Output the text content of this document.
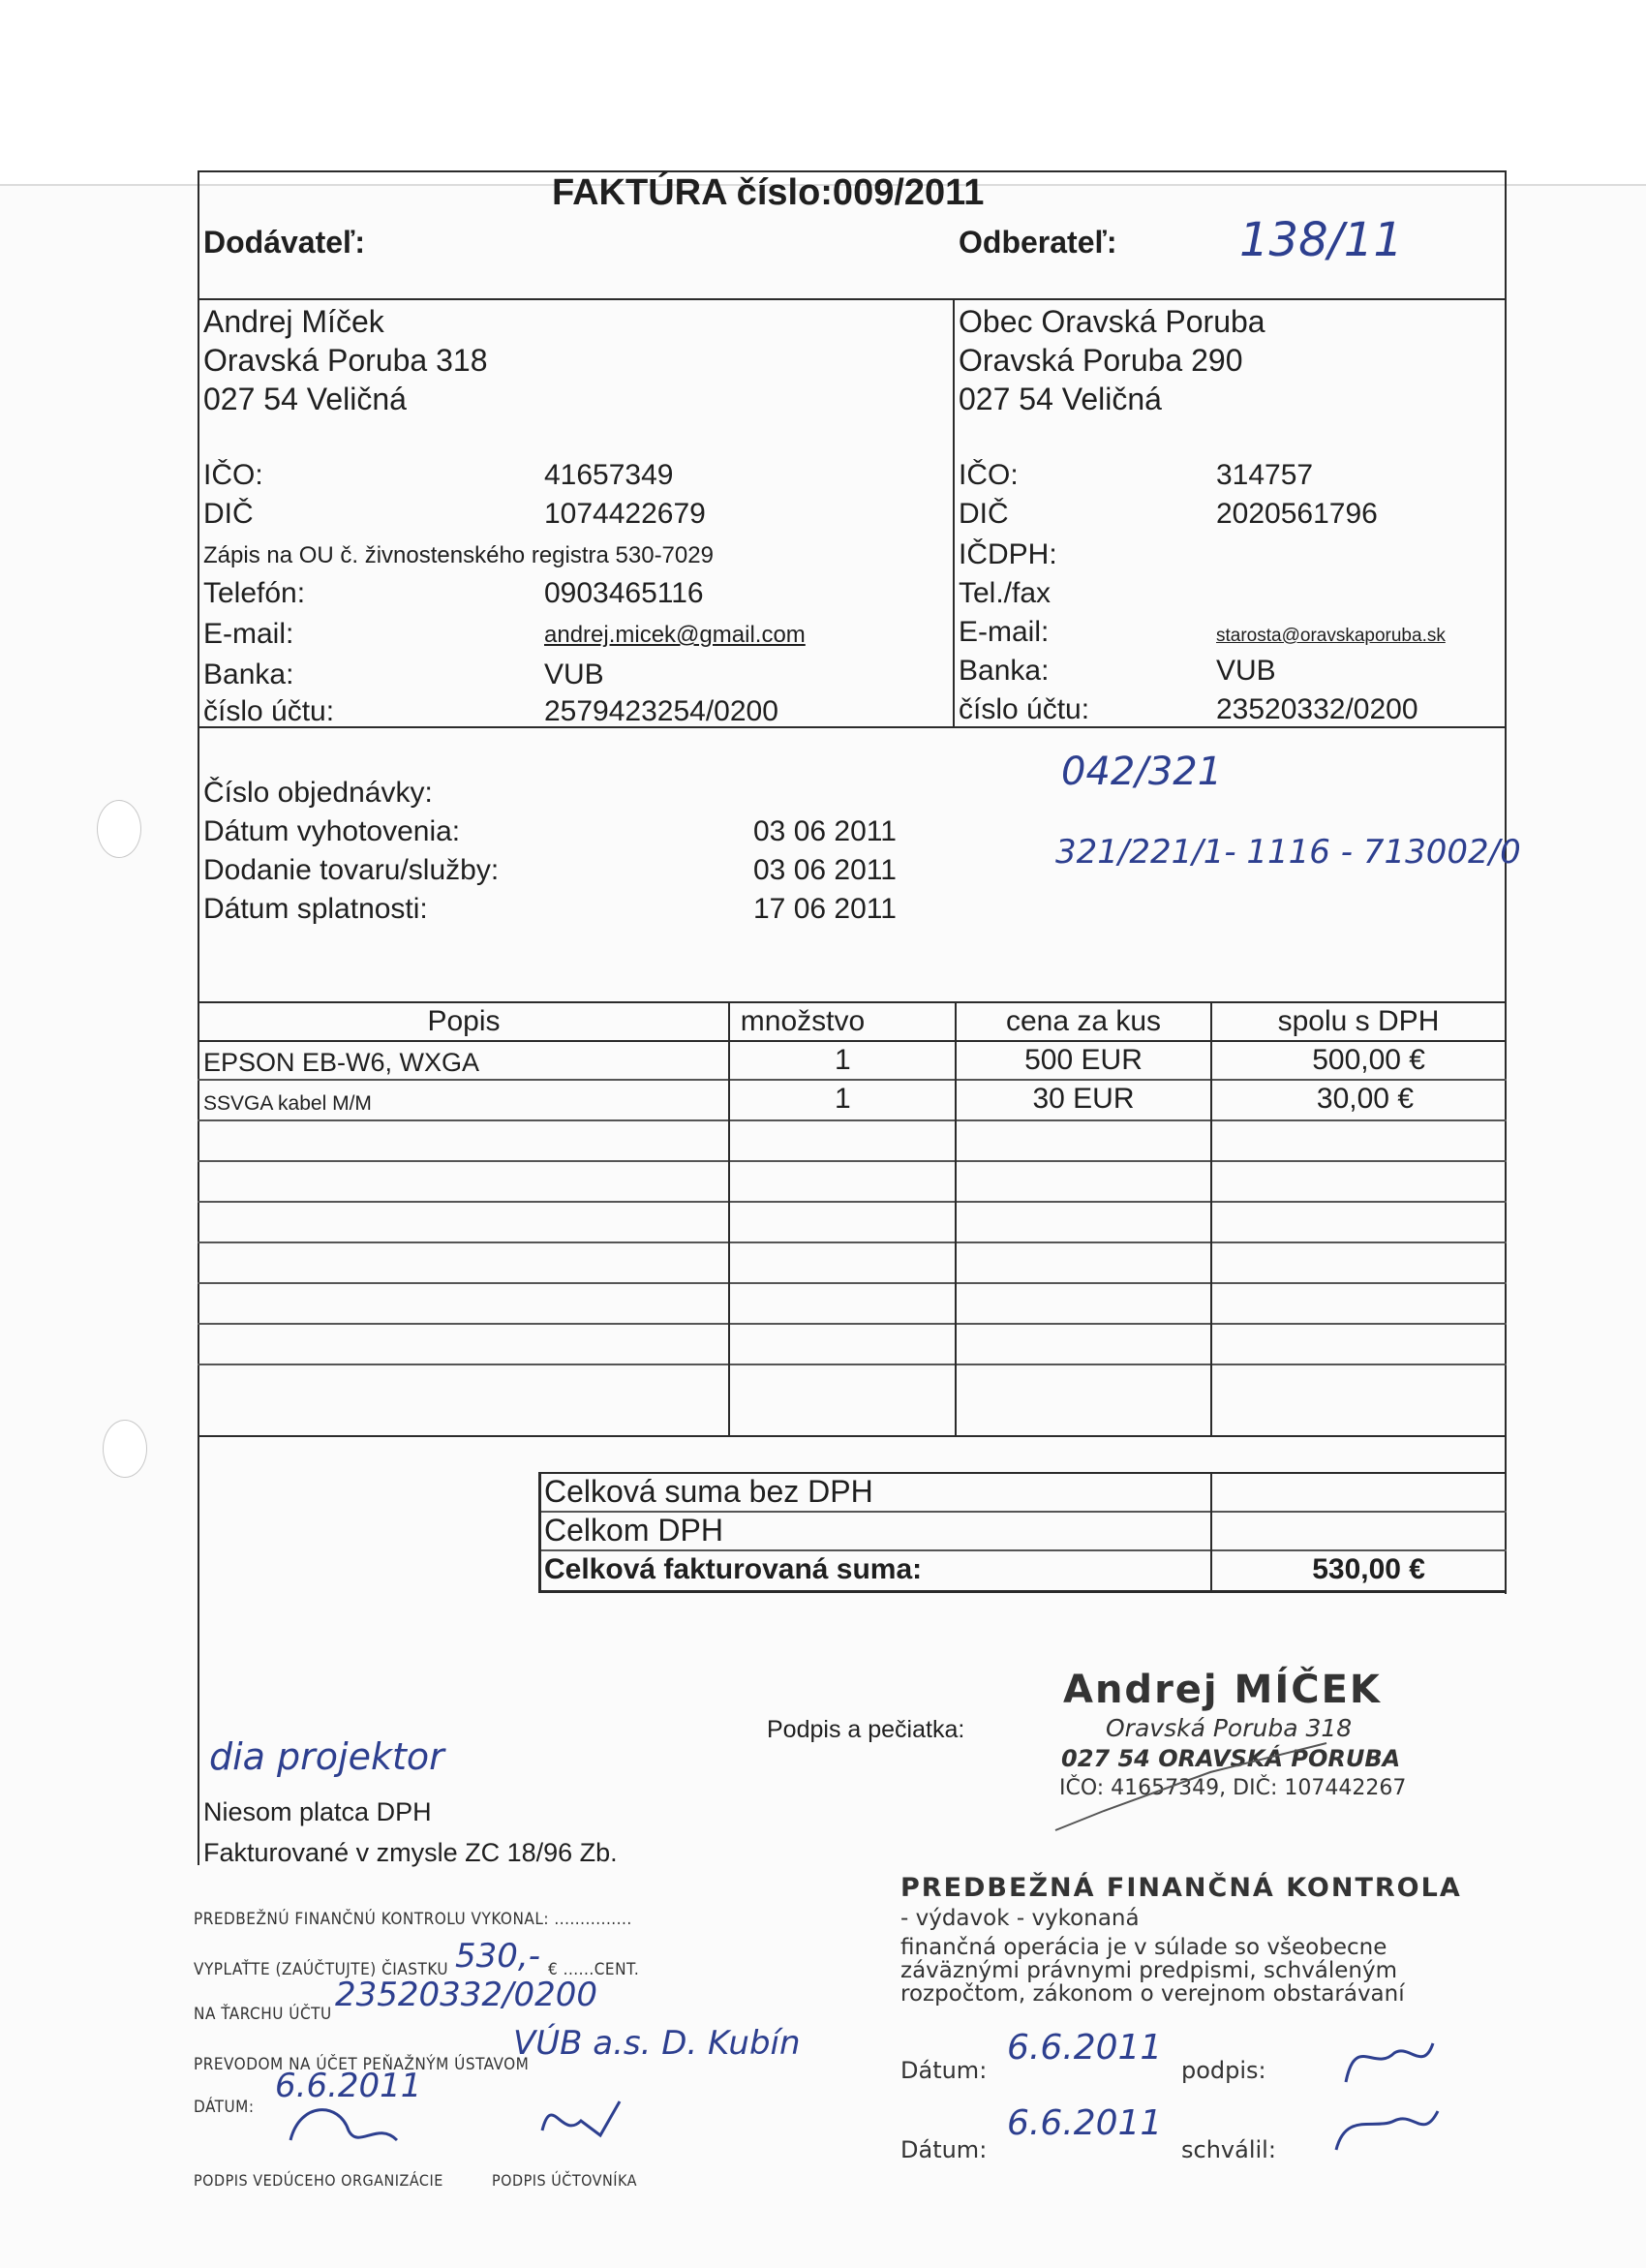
FAKTÚRA číslo:009/2011
Dodávateľ:	Odberateľ:	138/11
Andrej Míček
Oravská Poruba 318
027 54 Veličná
IČO:	41657349
DIČ	1074422679
Zápis na OU č. živnostenského registra 530-7029
Telefón:	0903465116
E-mail:	andrej.micek@gmail.com
Banka:	VUB
číslo účtu:	2579423254/0200
Obec Oravská Poruba
Oravská Poruba 290
027 54 Veličná
IČO:	314757
DIČ	2020561796
IČDPH:
Tel./fax
E-mail:	starosta@oravskaporuba.sk
Banka:	VUB
číslo účtu:	23520332/0200
Číslo objednávky:
Dátum vyhotovenia:	03 06 2011
Dodanie tovaru/služby:	03 06 2011
Dátum splatnosti:	17 06 2011
042/321
321/221/1- 1116 - 713002/0
Popis	množstvo	cena za kus	spolu s DPH
EPSON EB-W6, WXGA	1	500 EUR	500,00 €
SSVGA kabel M/M	1	30 EUR	30,00 €
Celková suma bez DPH
Celkom DPH
Celková fakturovaná suma:	530,00 €
Podpis a pečiatka:
dia projektor
Niesom platca DPH
Fakturované v zmysle ZC 18/96 Zb.
Andrej MÍČEK
Oravská Poruba 318
027 54 ORAVSKÁ PORUBA
IČO: 41657349, DIČ: 107442267
PREDBEŽNÚ FINANČNÚ KONTROLU VYKONAL: ...............
VYPLAŤTE (ZAÚČTUJTE) ČIASTKU 530,- € ......CENT.
NA ŤARCHU ÚČTU 23520332/0200
PREVODOM NA ÚČET PEŇAŽNÝM ÚSTAVOM
VÚB a.s. D. Kubín
DÁTUM:
6.6.2011
PODPIS VEDÚCEHO ORGANIZÁCIE	PODPIS ÚČTOVNÍKA
PREDBEŽNÁ FINANČNÁ KONTROLA
- výdavok - vykonaná
finančná operácia je v súlade so všeobecne
záväznými právnymi predpismi, schváleným
rozpočtom, zákonom o verejnom obstarávaní
Dátum:
6.6.2011
podpis:
Dátum:
6.6.2011
schválil:
